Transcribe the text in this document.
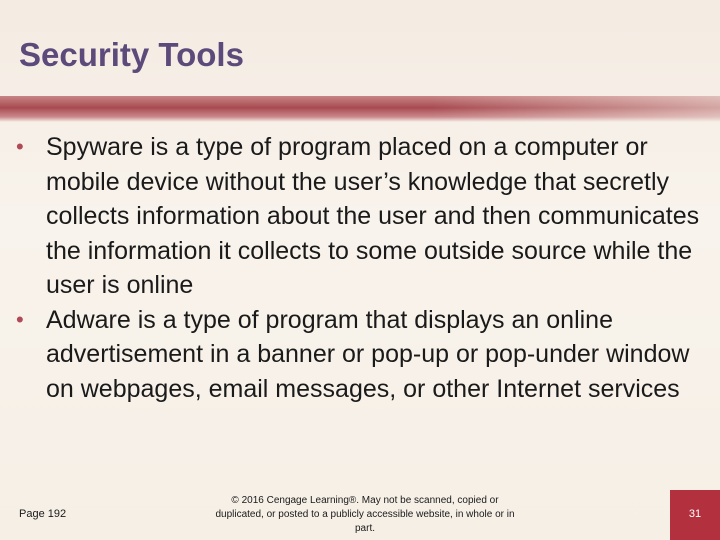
Security Tools

• Spyware is a type of program placed on a computer or mobile device without the user’s knowledge that secretly collects information about the user and then communicates the information it collects to some outside source while the user is online

• Adware is a type of program that displays an online advertisement in a banner or pop-up or pop-under window on webpages, email messages, or other Internet services

Page 192
© 2016 Cengage Learning®. May not be scanned, copied or duplicated, or posted to a publicly accessible website, in whole or in part.
31
